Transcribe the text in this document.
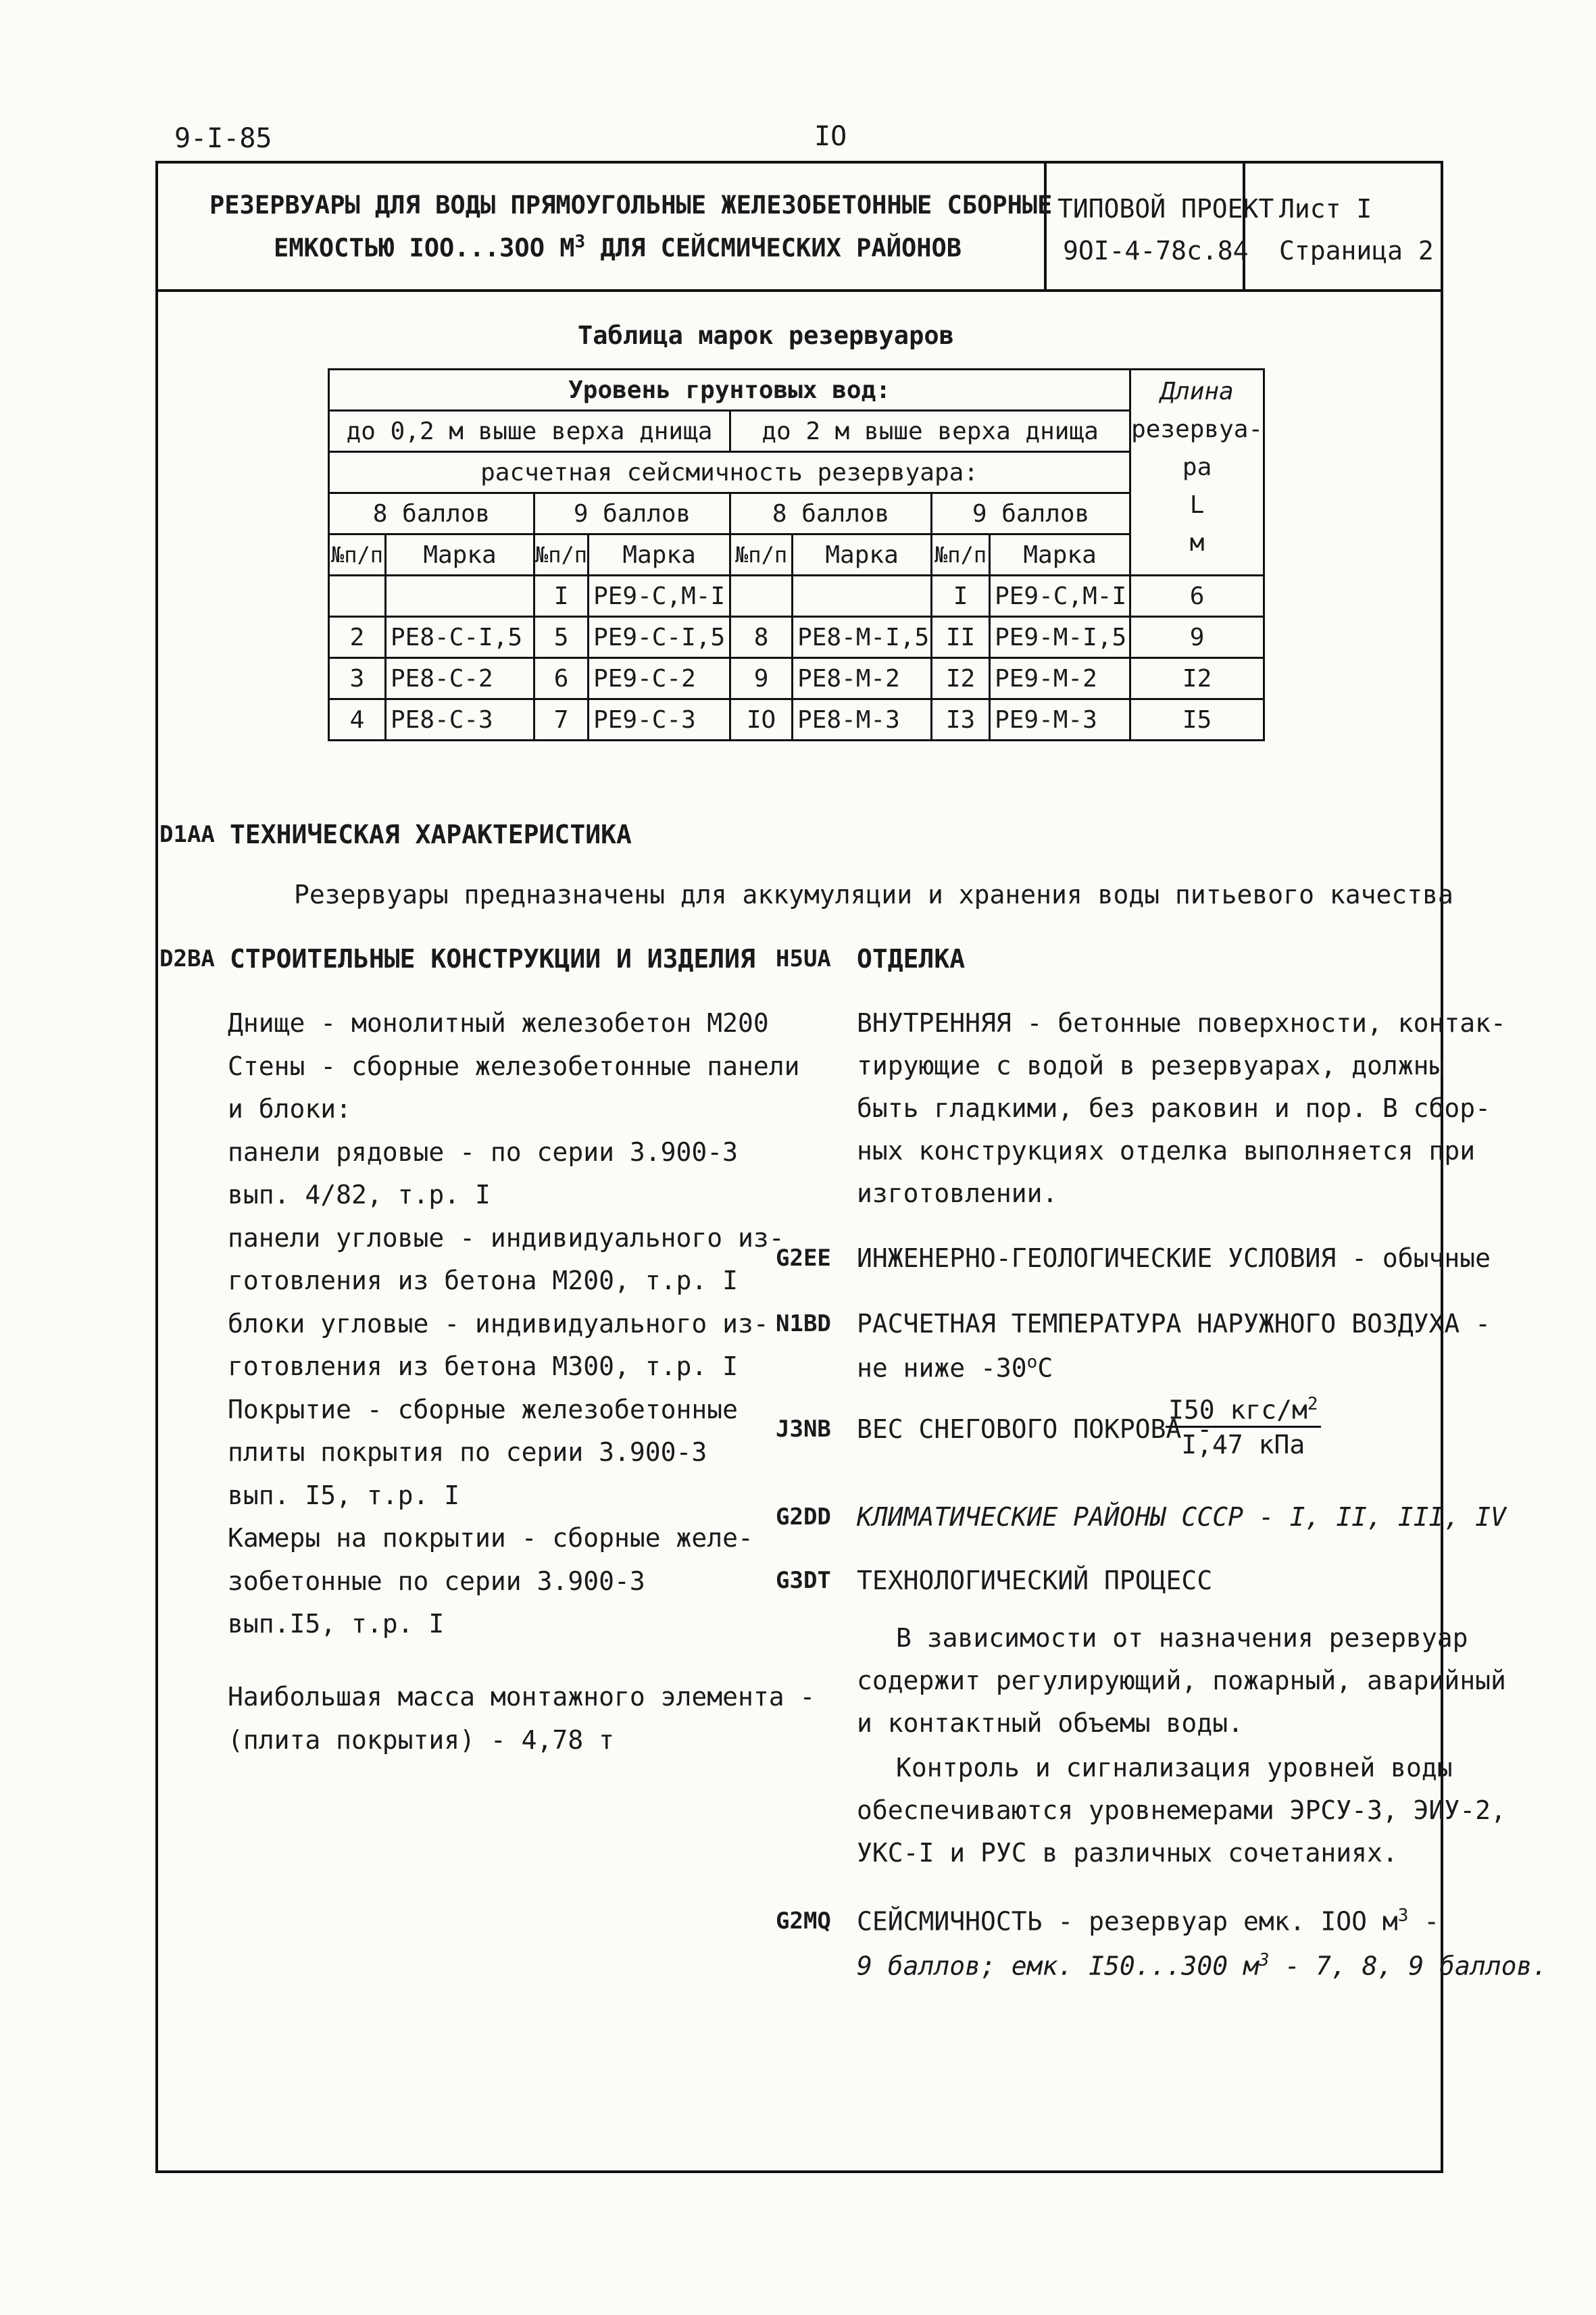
9-I-85	IO
РЕЗЕРВУАРЫ ДЛЯ ВОДЫ ПРЯМОУГОЛЬНЫЕ ЖЕЛЕЗОБЕТОННЫЕ СБОРНЫЕ
ЕМКОСТЬЮ IOO...3OO $М^3$ ДЛЯ СЕЙСМИЧЕСКИХ РАЙОНОВ
ТИПОВОЙ ПРОЕКТ
9OI-4-78с.84
Лист I
Страница 2
Таблица марок резервуаров
Уровень грунтовых вод:								Длина
резервуа-
ра
L
м

до 0,2 м выше верха днища				до 2 м выше верха днища				
расчетная сейсмичность резервуара:								
8 баллов		9 баллов		8 баллов		9 баллов		
№п/п	Марка	№п/п	Марка	№п/п	Марка	№п/п	Марка	
		I	РЕ9-С,М-I			I	РЕ9-С,М-I	6
2	РЕ8-С-I,5	5	РЕ9-С-I,5	8	РЕ8-М-I,5	II	РЕ9-М-I,5	9
3	РЕ8-С-2	6	РЕ9-С-2	9	РЕ8-М-2	I2	РЕ9-М-2	I2
4	РЕ8-С-3	7	РЕ9-С-3	IO	РЕ8-М-3	I3	РЕ9-М-3	I5
D1AA ТЕХНИЧЕСКАЯ ХАРАКТЕРИСТИКА
Резервуары предназначены для аккумуляции и хранения воды питьевого качества
D2BA СТРОИТЕЛЬНЫЕ КОНСТРУКЦИИ И ИЗДЕЛИЯ H5UA ОТДЕЛКА
Днище - монолитный железобетон М200
Стены - сборные железобетонные панели
и блоки:
панели рядовые - по серии 3.900-3
вып. 4/82, т.р. I
панели угловые - индивидуального из-
готовления из бетона М200, т.р. I
блоки угловые - индивидуального из-
готовления из бетона М300, т.р. I
Покрытие - сборные железобетонные
плиты покрытия по серии 3.900-3
вып. I5, т.р. I
Камеры на покрытии - сборные желе-
зобетонные по серии 3.900-3
вып.I5, т.р. I
Наибольшая масса монтажного элемента -
(плита покрытия) - 4,78 т
ВНУТРЕННЯЯ - бетонные поверхности, контак-
тирующие с водой в резервуарах, должны
быть гладкими, без раковин и пор. В сбор-
ных конструкциях отделка выполняется при
изготовлении.
G2EE ИНЖЕНЕРНО-ГЕОЛОГИЧЕСКИЕ УСЛОВИЯ - обычные
N1BD РАСЧЕТНАЯ ТЕМПЕРАТУРА НАРУЖНОГО ВОЗДУХА -
не ниже $-30^оС$
J3NB ВЕС СНЕГОВОГО ПОКРОВА -
I50 кгс/$м^2$
I,47 кПа
G2DD КЛИМАТИЧЕСКИЕ РАЙОНЫ СССР - I, II, III, IV
G3DT ТЕХНОЛОГИЧЕСКИЙ ПРОЦЕСС
В зависимости от назначения резервуар
содержит регулирующий, пожарный, аварийный
и контактный объемы воды.
Контроль и сигнализация уровней воды
обеспечиваются уровнемерами ЭРСУ-3, ЭИУ-2,
УКС-I и РУС в различных сочетаниях.
G2MQ СЕЙСМИЧНОСТЬ - резервуар емк. IOO $м^3$ -
9 баллов; емк. I50...300 $м^3 - 7$, 8, 9 баллов.
